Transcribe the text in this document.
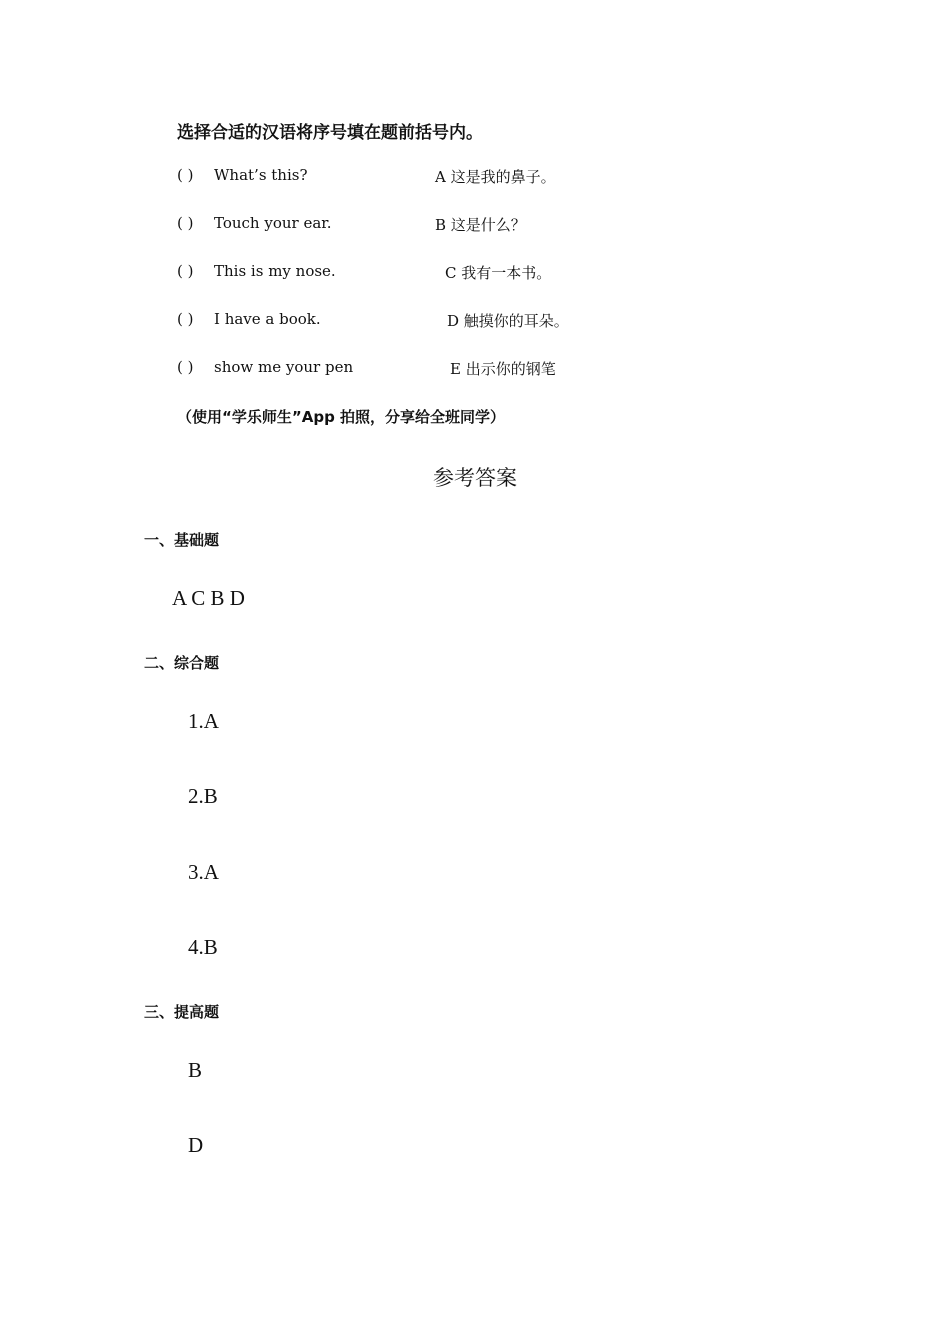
选择合适的汉语将序号填在题前括号内。
( ) What’s this?	A 这是我的鼻子。
( ) Touch your ear.	B 这是什么？
( ) This is my nose.	C 我有一本书。
( ) I have a book.	D 触摸你的耳朵。
( ) show me your pen	E 出示你的钢笔
（使用“学乐师生”App 拍照，分享给全班同学）
参考答案
一、基础题
A C B D
二、综合题
1.A
2.B
3.A
4.B
三、提高题
B
D
